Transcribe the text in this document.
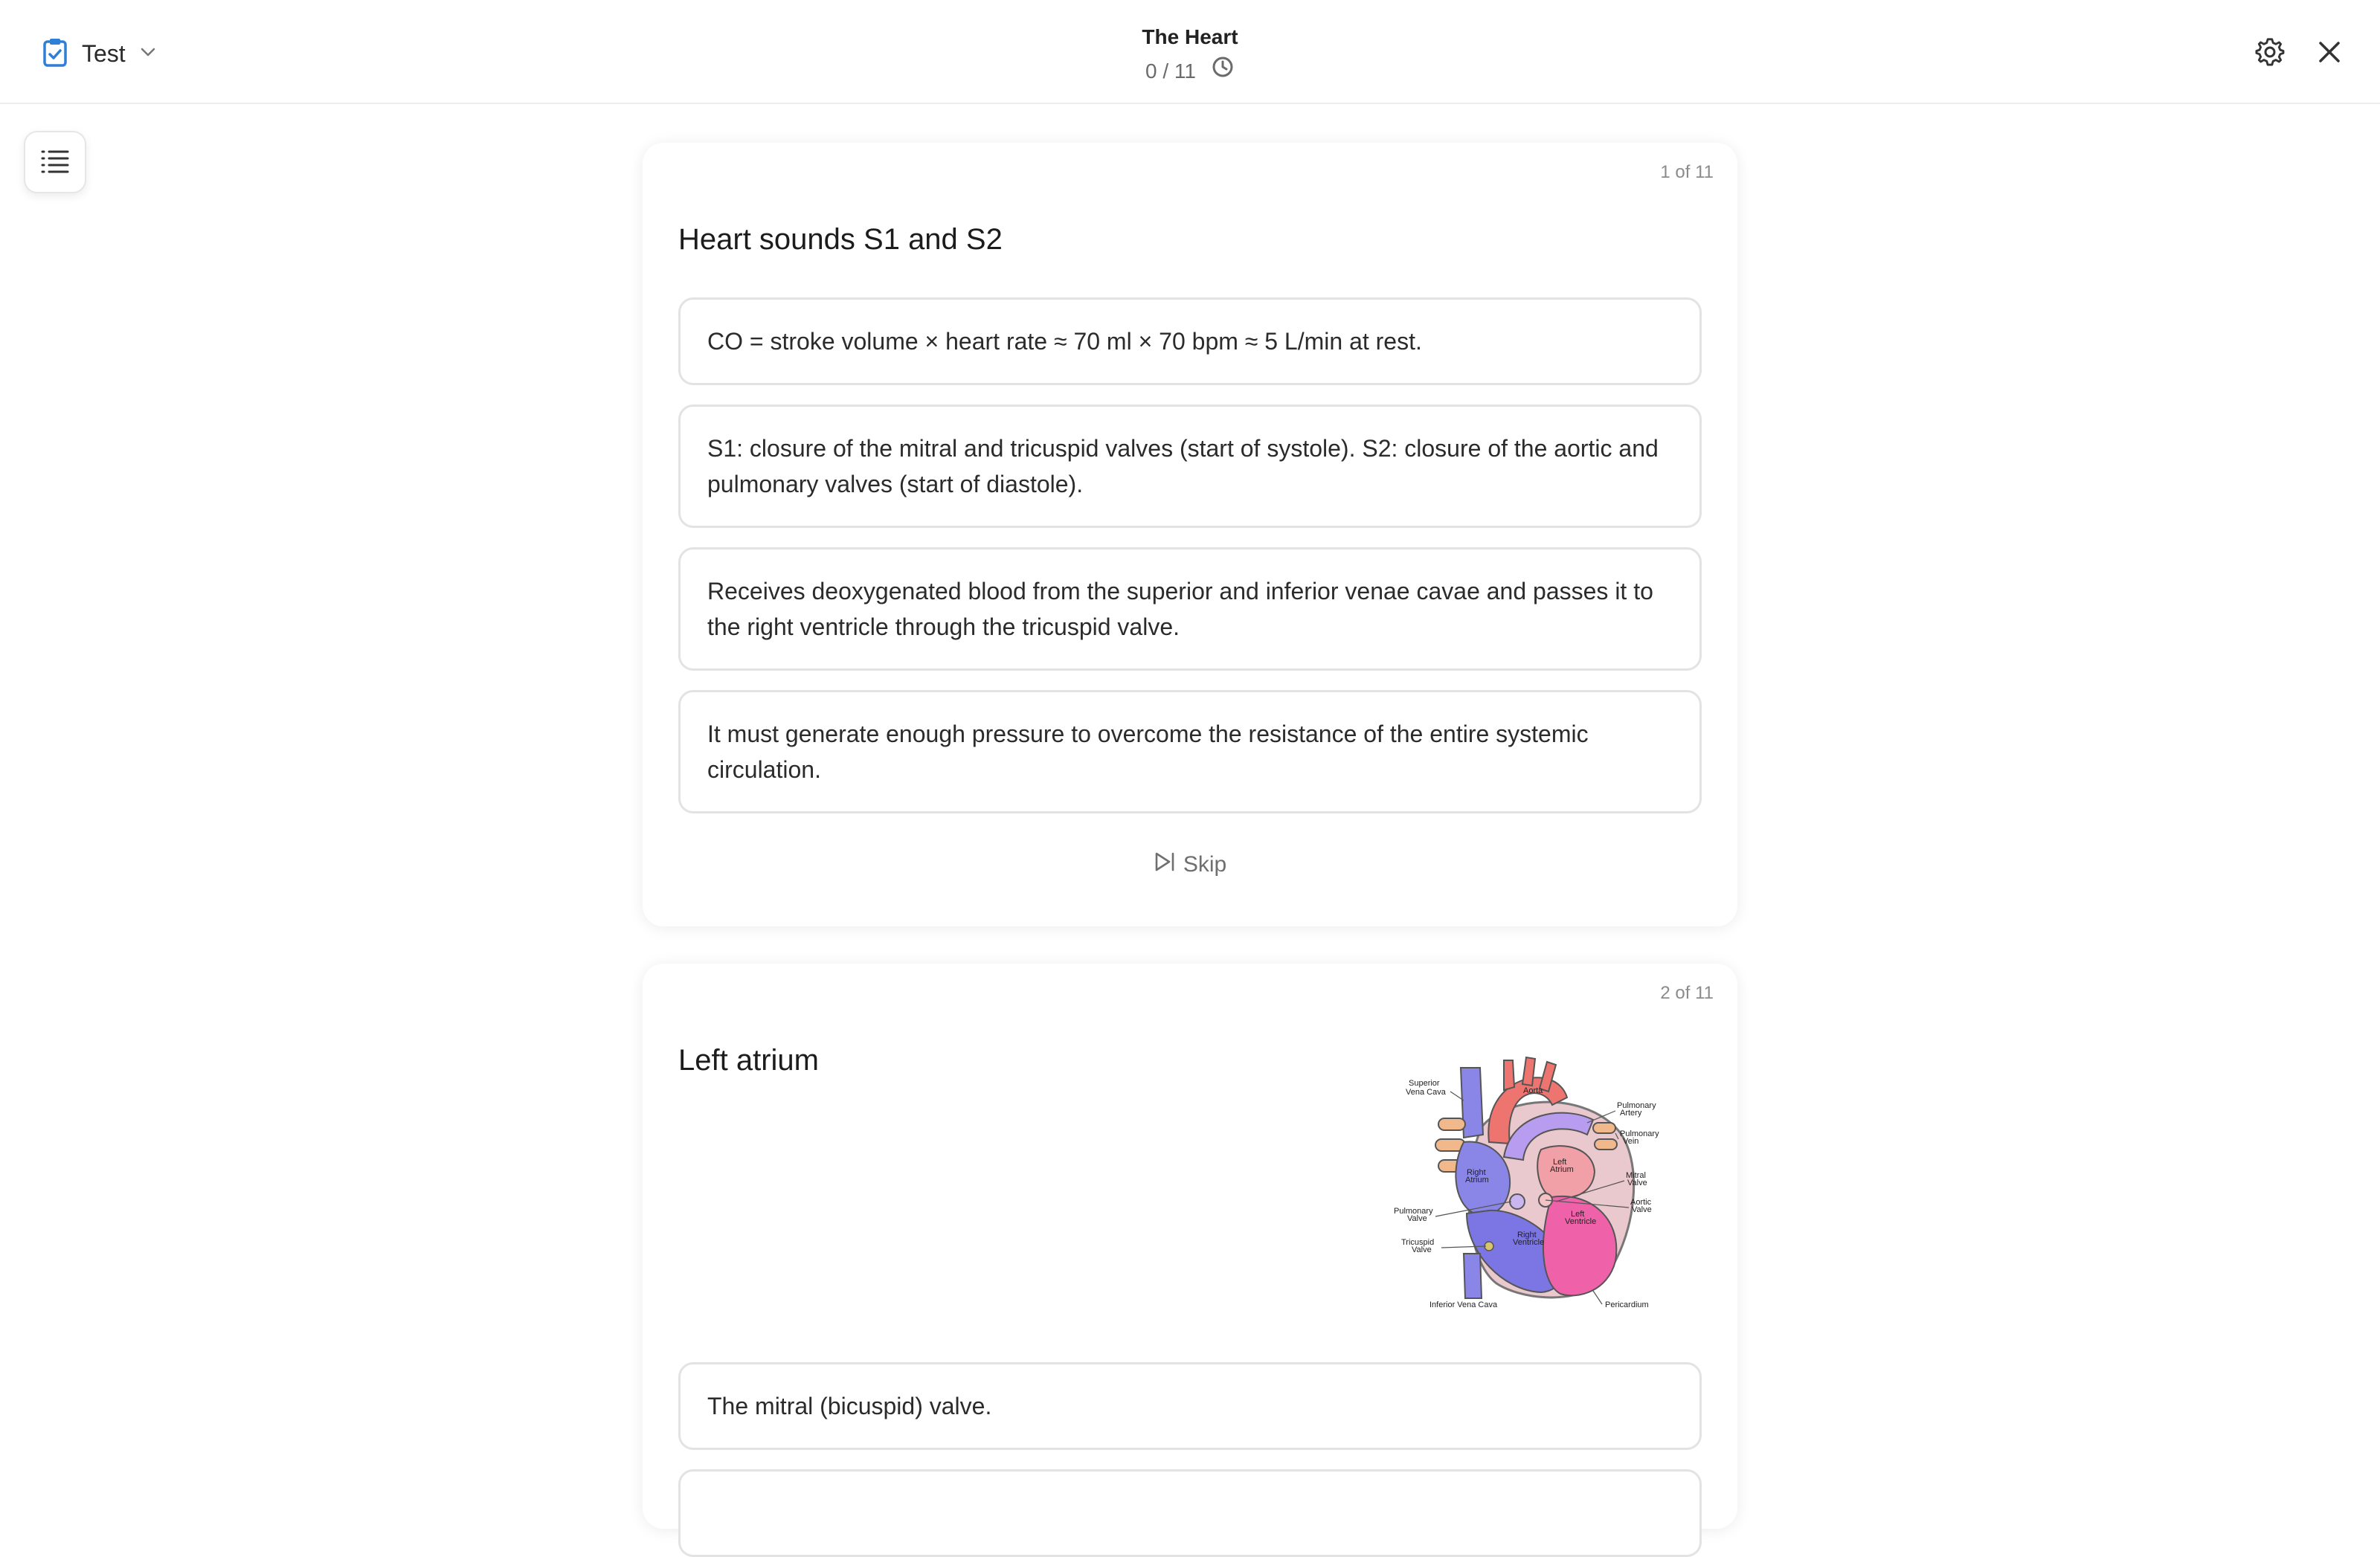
Test
The Heart
0 / 11
1 of 11
Heart sounds S1 and S2
CO = stroke volume × heart rate ≈ 70 ml × 70 bpm ≈ 5 L/min at rest.
S1: closure of the mitral and tricuspid valves (start of systole). S2: closure of the aortic and pulmonary valves (start of diastole).
Receives deoxygenated blood from the superior and inferior venae cavae and passes it to the right ventricle through the tricuspid valve.
It must generate enough pressure to overcome the resistance of the entire systemic circulation.
Skip
2 of 11
Left atrium
Superior
Vena Cava	Aorta
Pulmonary
Artery
Pulmonary
Vein
Left
Atrium
Right
Atrium	Mitral
Valve
Aortic
Valve
Left
Ventricle
Pulmonary
Valve
Right
Ventricle
Tricuspid
Valve
Inferior Vena Cava	Pericardium
The mitral (bicuspid) valve.
